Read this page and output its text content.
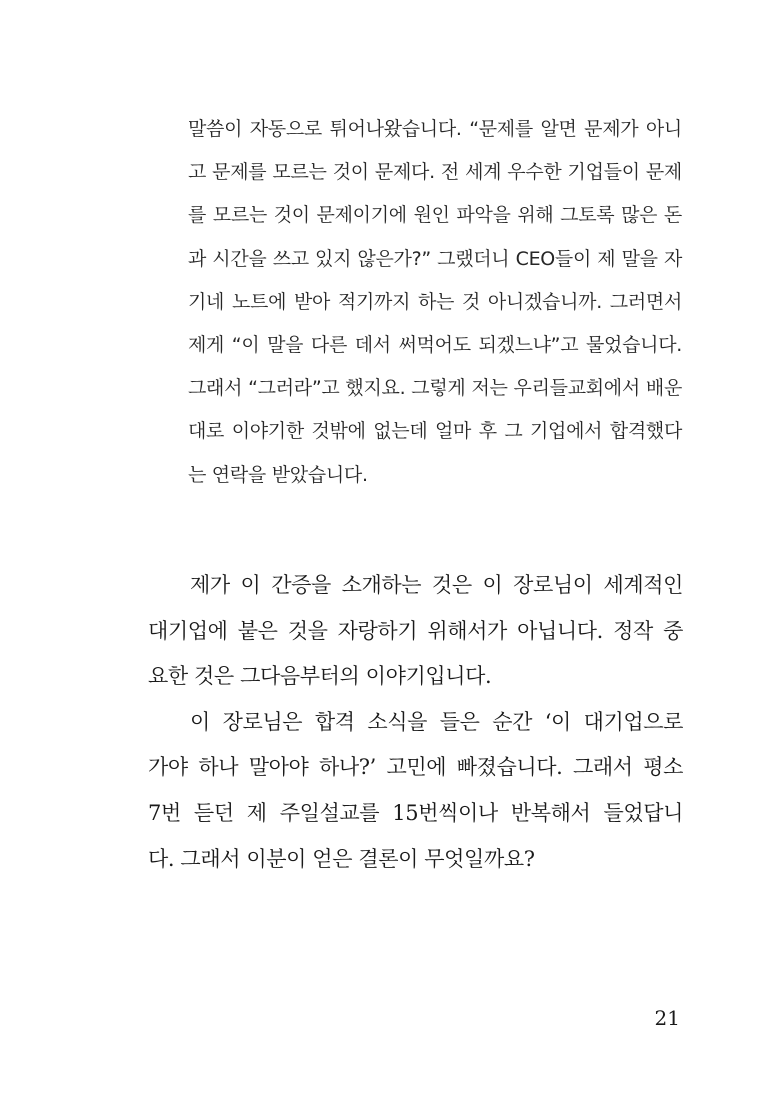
말씀이 자동으로 튀어나왔습니다. “문제를 알면 문제가 아니
고 문제를 모르는 것이 문제다. 전 세계 우수한 기업들이 문제
를 모르는 것이 문제이기에 원인 파악을 위해 그토록 많은 돈
과 시간을 쓰고 있지 않은가?” 그랬더니 CEO들이 제 말을 자
기네 노트에 받아 적기까지 하는 것 아니겠습니까. 그러면서
제게 “이 말을 다른 데서 써먹어도 되겠느냐”고 물었습니다.
그래서 “그러라”고 했지요. 그렇게 저는 우리들교회에서 배운
대로 이야기한 것밖에 없는데 얼마 후 그 기업에서 합격했다
는 연락을 받았습니다.
제가 이 간증을 소개하는 것은 이 장로님이 세계적인
대기업에 붙은 것을 자랑하기 위해서가 아닙니다. 정작 중
요한 것은 그다음부터의 이야기입니다.
이 장로님은 합격 소식을 들은 순간 ‘이 대기업으로
가야 하나 말아야 하나?’ 고민에 빠졌습니다. 그래서 평소
7번 듣던 제 주일설교를 15번씩이나 반복해서 들었답니
다. 그래서 이분이 얻은 결론이 무엇일까요?
21
